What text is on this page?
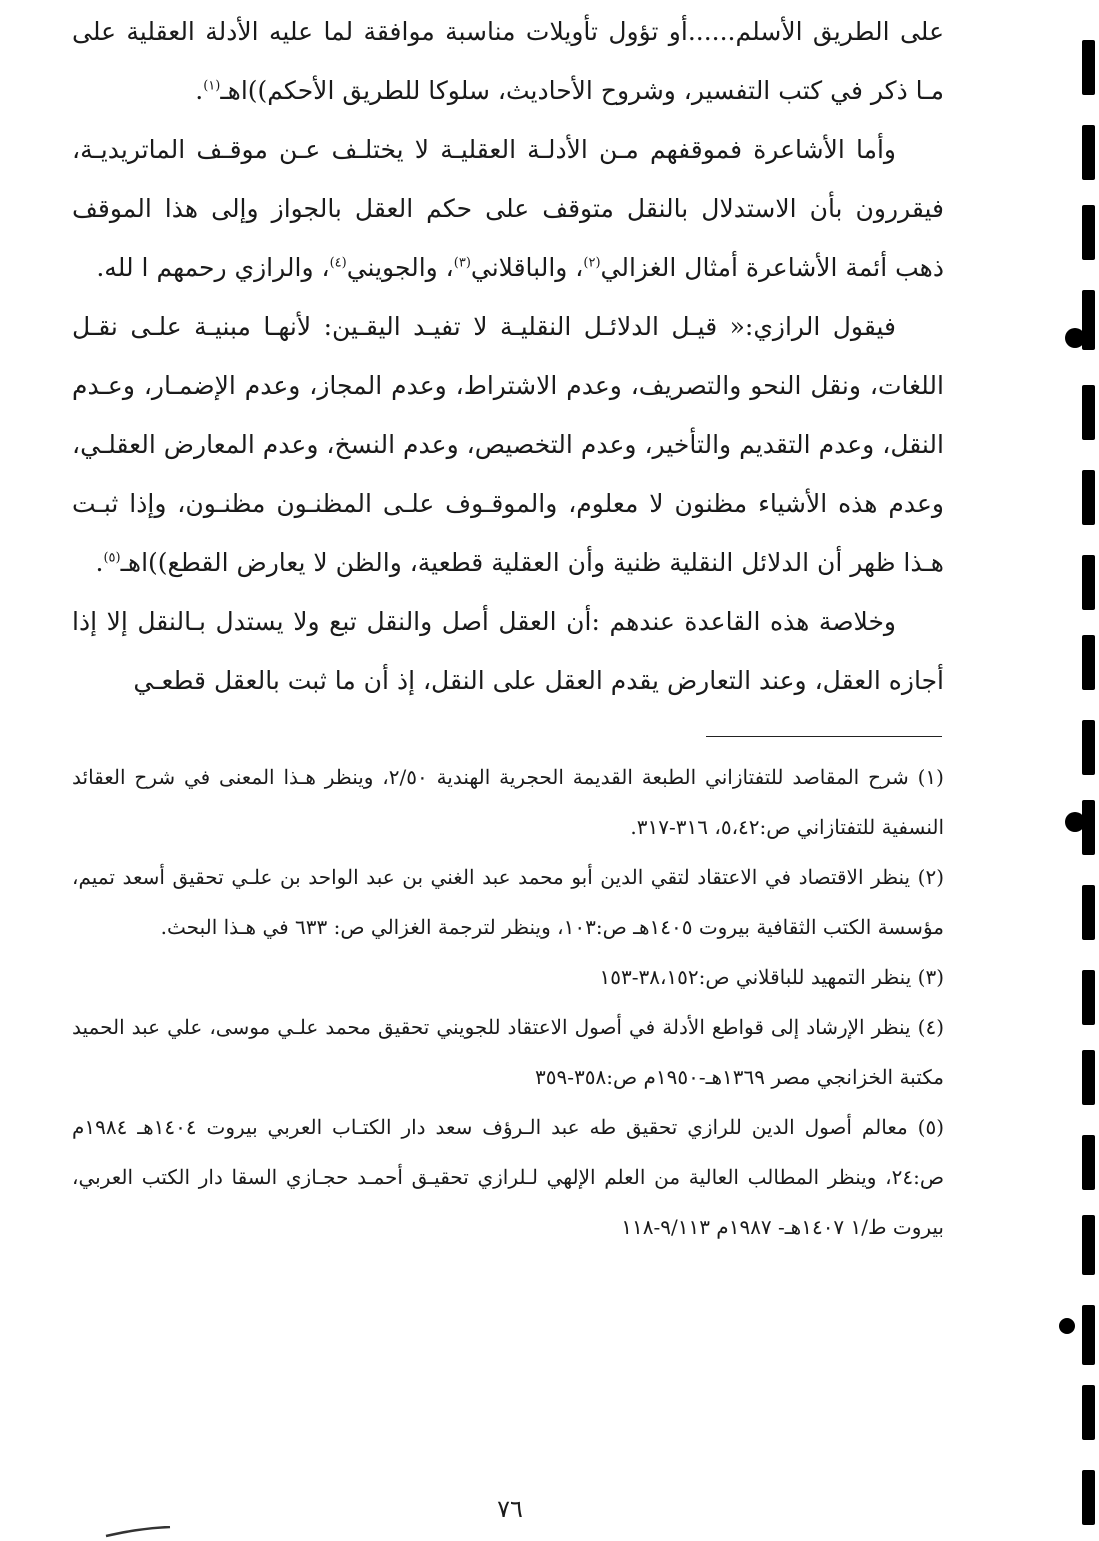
على الطريق الأسلم......أو تؤول تأويلات مناسبة موافقة لما عليه الأدلة العقلية على مـا ذكر في كتب التفسير، وشروح الأحاديث، سلوكا للطريق الأحكم))اهـ$^{(١)}$.

وأما الأشاعرة فموقفهم مـن الأدلـة العقليـة لا يختلـف عـن موقـف الماتريديـة، فيقررون بأن الاستدلال بالنقل متوقف على حكم العقل بالجواز وإلى هذا الموقف ذهب أئمة الأشاعرة أمثال الغزالي$^{(٢)}$، والباقلاني$^{(٣)}$، والجويني$^{(٤)}$، والرازي رحمهم ا لله.

فيقول الرازي:« قيـل الدلائـل النقليـة لا تفيـد اليقـين: لأنهـا مبنيـة علـى نقـل اللغات، ونقل النحو والتصريف، وعدم الاشتراط، وعدم المجاز، وعدم الإضمـار، وعـدم النقل، وعدم التقديم والتأخير، وعدم التخصيص، وعدم النسخ، وعدم المعارض العقلـي، وعدم هذه الأشياء مظنون لا معلوم، والموقـوف علـى المظنـون مظنـون، وإذا ثبـت هـذا ظهر أن الدلائل النقلية ظنية وأن العقلية قطعية، والظن لا يعارض القطع))اهـ$^{(٥)}$.

وخلاصة هذه القاعدة عندهم :أن العقل أصل والنقل تبع ولا يستدل بـالنقل إلا إذا أجازه العقل، وعند التعارض يقدم العقل على النقل، إذ أن ما ثبت بالعقل قطعـي

(١) شرح المقاصد للتفتازاني الطبعة القديمة الحجرية الهندية ٢/٥٠، وينظر هـذا المعنى في شرح العقائد النسفية للتفتازاني ص:٥،٤٢، ٣١٦-٣١٧.

(٢) ينظر الاقتصاد في الاعتقاد لتقي الدين أبو محمد عبد الغني بن عبد الواحد بن علـي تحقيق أسعد تميم، مؤسسة الكتب الثقافية بيروت ١٤٠٥هـ ص:١٠٣، وينظر لترجمة الغزالي ص: ٦٣٣ في هـذا البحث.

(٣) ينظر التمهيد للباقلاني ص:٣٨،١٥٢-١٥٣

(٤) ينظر الإرشاد إلى قواطع الأدلة في أصول الاعتقاد للجويني تحقيق محمد علـي موسى، علي عبد الحميد مكتبة الخزانجي مصر ١٣٦٩هـ-١٩٥٠م ص:٣٥٨-٣٥٩

(٥) معالم أصول الدين للرازي تحقيق طه عبد الـرؤف سعد دار الكتـاب العربي بيروت ١٤٠٤هـ ١٩٨٤م ص:٢٤، وينظر المطالب العالية من العلم الإلهي لـلرازي تحقيـق أحمـد حجـازي السقا دار الكتب العربي، بيروت ط/١ ١٤٠٧هـ- ١٩٨٧م ٩/١١٣-١١٨

٧٦
